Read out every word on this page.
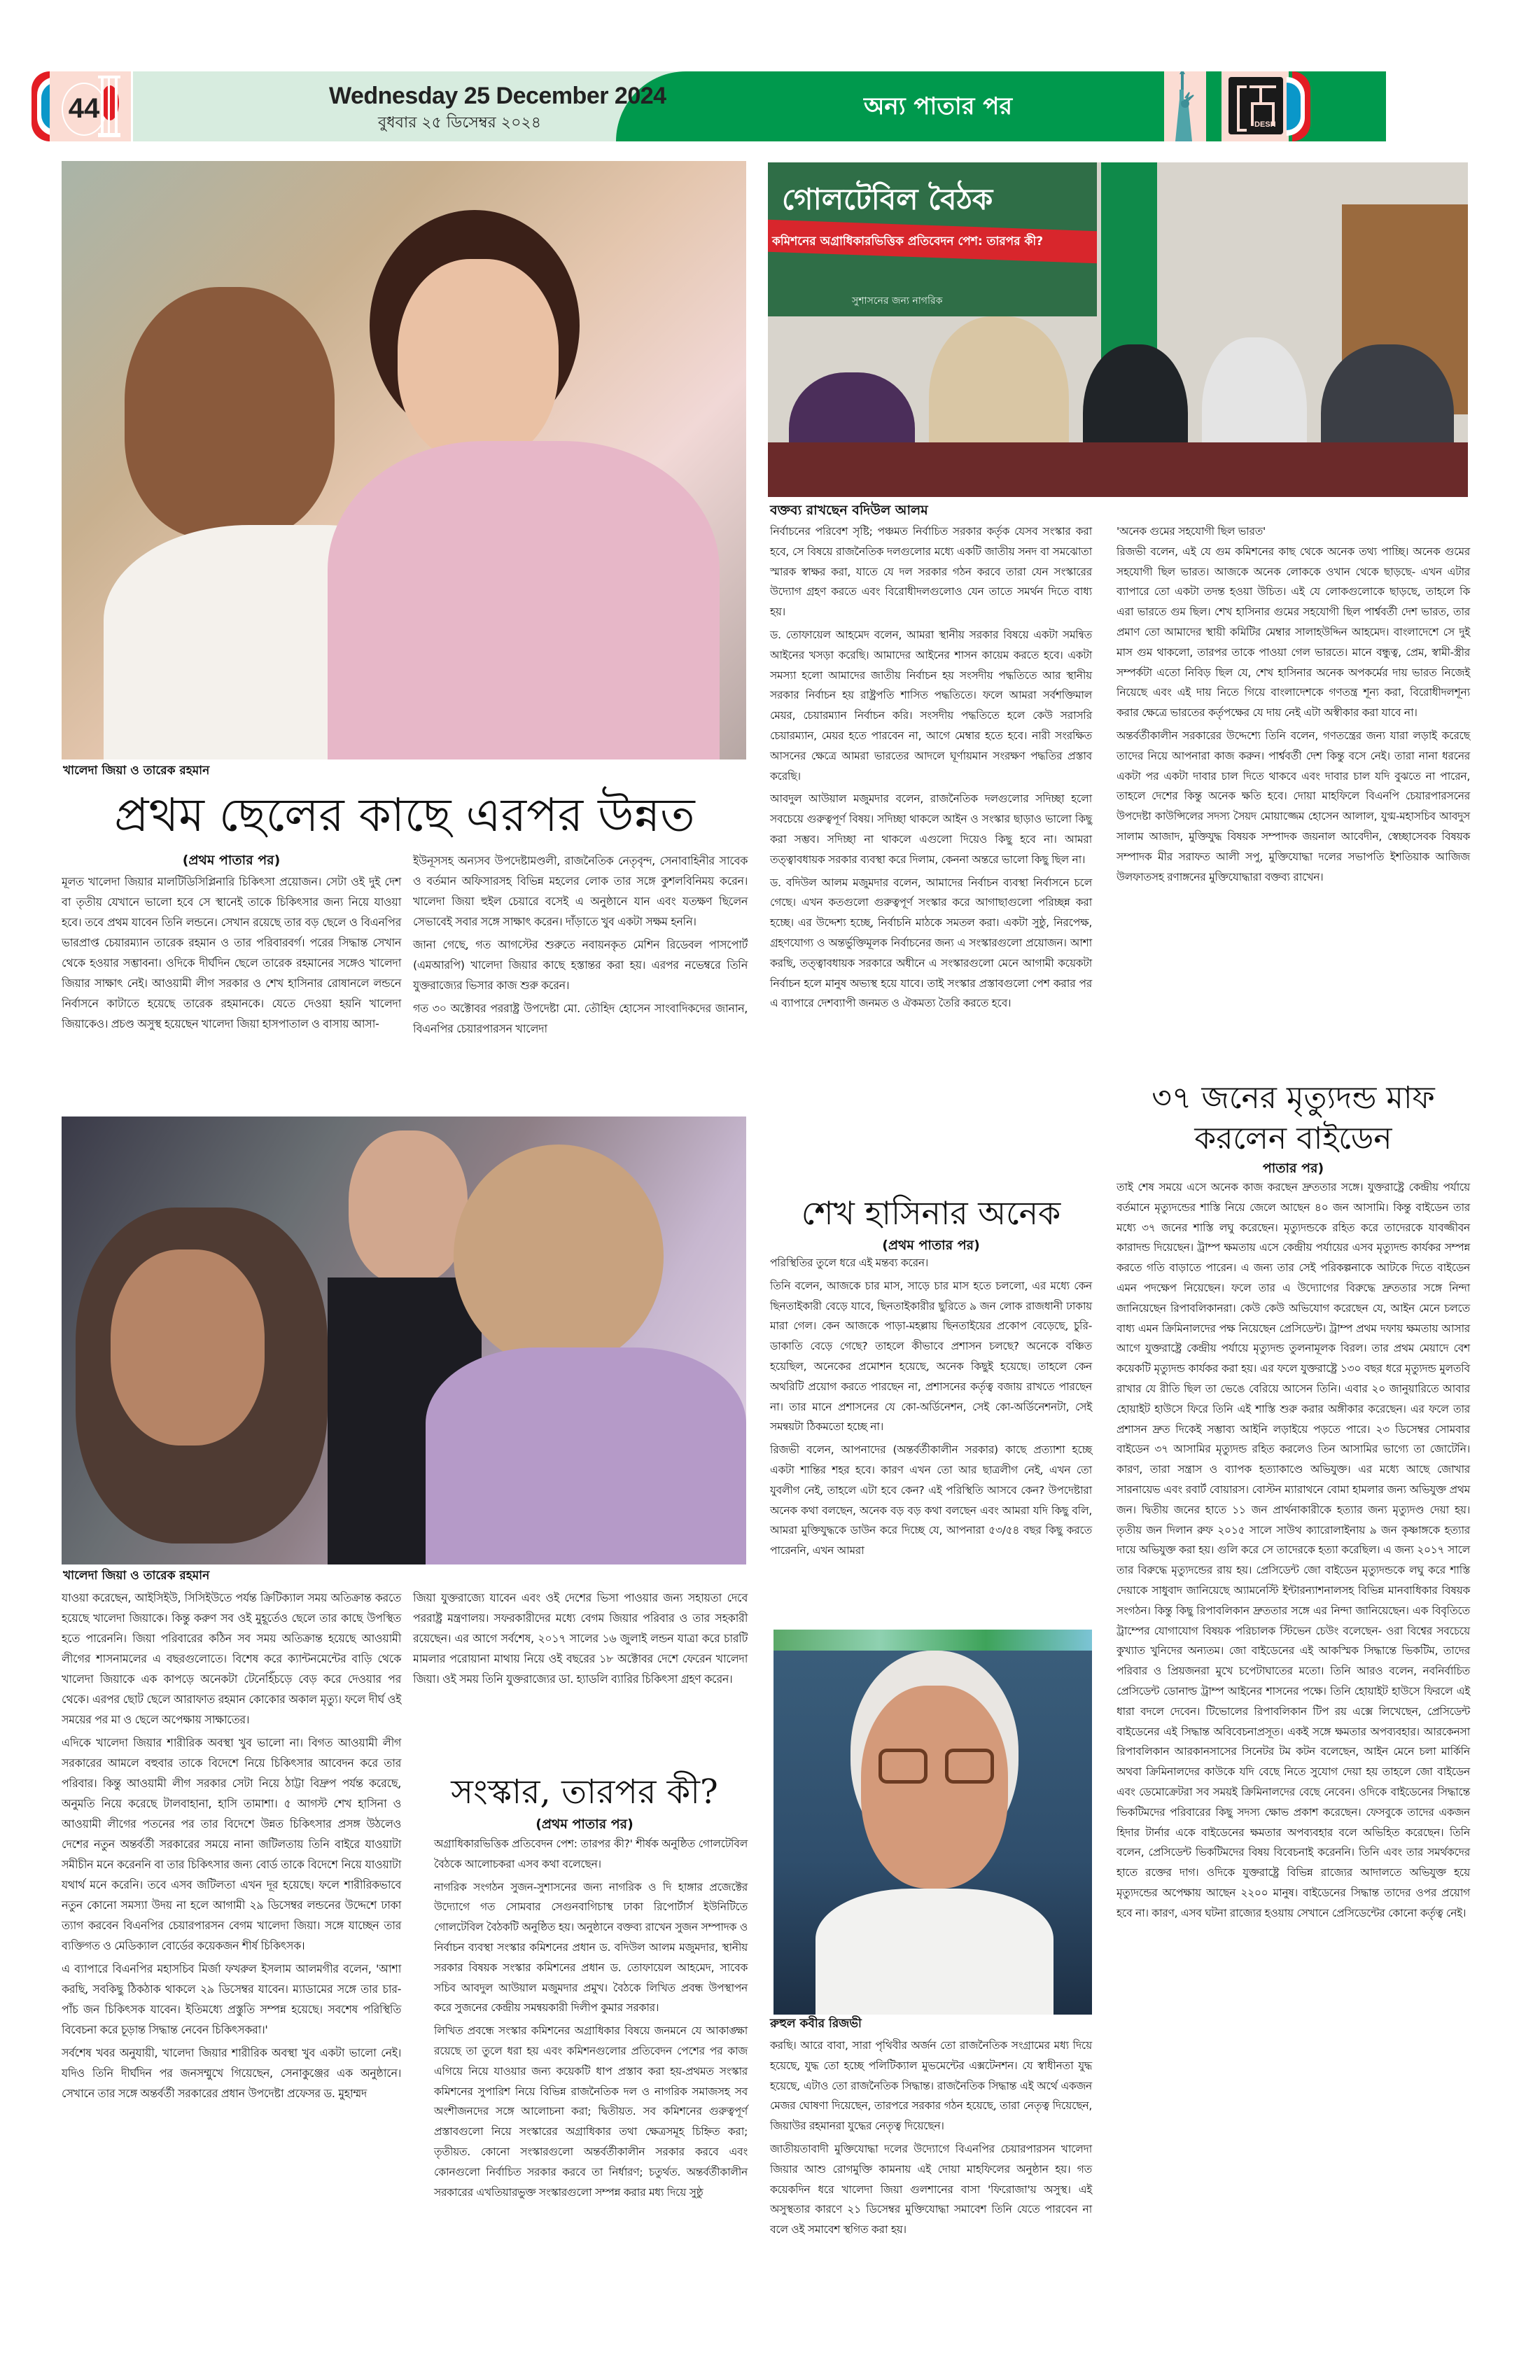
44	Wednesday 25 December 2024
বুধবার ২৫ ডিসেম্বর ২০২৪
অন্য পাতার পর
DESH
খালেদা জিয়া ও তারেক রহমান
প্রথম ছেলের কাছে এরপর উন্নত
(প্রথম পাতার পর)

মূলত খালেদা জিয়ার মালটিডিসিপ্লিনারি চিকিৎসা প্রয়োজন। সেটা ওই দুই দেশ বা তৃতীয় যেখানে ভালো হবে সে স্থানেই তাকে চিকিৎসার জন্য নিয়ে যাওয়া হবে। তবে প্রথম যাবেন তিনি লন্ডনে। সেখান রয়েছে তার বড় ছেলে ও বিএনপির ভারপ্রাপ্ত চেয়ারম্যান তারেক রহমান ও তার পরিবারবর্গ। পরের সিদ্ধান্ত সেখান থেকে হওয়ার সম্ভাবনা। ওদিকে দীর্ঘদিন ছেলে তারেক রহমানের সঙ্গেও খালেদা জিয়ার সাক্ষাৎ নেই। আওয়ামী লীগ সরকার ও শেখ হাসিনার রোষানলে লন্ডনে নির্বাসনে কাটাতে হয়েছে তারেক রহমানকে। যেতে দেওয়া হয়নি খালেদা জিয়াকেও। প্রচণ্ড অসুস্থ হয়েছেন খালেদা জিয়া হাসপাতাল ও বাসায় আসা-

ইউনূসসহ অন্যসব উপদেষ্টামণ্ডলী, রাজনৈতিক নেতৃবৃন্দ, সেনাবাহিনীর সাবেক ও বর্তমান অফিসারসহ বিভিন্ন মহলের লোক তার সঙ্গে কুশলবিনিময় করেন। খালেদা জিয়া হুইল চেয়ারে বসেই এ অনুষ্ঠানে যান এবং যতক্ষণ ছিলেন সেভাবেই সবার সঙ্গে সাক্ষাৎ করেন। দাঁড়াতে খুব একটা সক্ষম হননি।

জানা গেছে, গত আগস্টের শুরুতে নবায়নকৃত মেশিন রিডেবল পাসপোর্ট (এমআরপি) খালেদা জিয়ার কাছে হস্তান্তর করা হয়। এরপর নভেম্বরে তিনি যুক্তরাজ্যের ভিসার কাজ শুরু করেন।

গত ৩০ অক্টোবর পররাষ্ট্র উপদেষ্টা মো. তৌহিদ হোসেন সাংবাদিকদের জানান, বিএনপির চেয়ারপারসন খালেদা

খালেদা জিয়া ও তারেক রহমান

যাওয়া করেছেন, আইসিইউ, সিসিইউতে পর্যন্ত ক্রিটিক্যাল সময় অতিক্রান্ত করতে হয়েছে খালেদা জিয়াকে। কিন্তু করুণ সব ওই মুহূর্তেও ছেলে তার কাছে উপস্থিত হতে পারেননি। জিয়া পরিবারের কঠিন সব সময় অতিক্রান্ত হয়েছে আওয়ামী লীগের শাসনামলের এ বছরগুলোতে। বিশেষ করে ক্যান্টনমেন্টের বাড়ি থেকে খালেদা জিয়াকে এক কাপড়ে অনেকটা টেনেহিঁচড়ে বেড় করে দেওয়ার পর থেকে। এরপর ছোট ছেলে আরাফাত রহমান কোকোর অকাল মৃত্যু। ফলে দীর্ঘ ওই সময়ের পর মা ও ছেলে অপেক্ষায় সাক্ষাতের।

এদিকে খালেদা জিয়ার শারীরিক অবস্থা খুব ভালো না। বিগত আওয়ামী লীগ সরকারের আমলে বহুবার তাকে বিদেশে নিয়ে চিকিৎসার আবেদন করে তার পরিবার। কিন্তু আওয়ামী লীগ সরকার সেটা নিয়ে ঠাট্টা বিদ্রুপ পর্যন্ত করেছে, অনুমতি নিয়ে করেছে টালবাহানা, হাসি তামাশা। ৫ আগস্ট শেখ হাসিনা ও আওয়ামী লীগের পতনের পর তার বিদেশে উন্নত চিকিৎসার প্রসঙ্গ উঠলেও দেশের নতুন অন্তর্বর্তী সরকারের সময়ে নানা জটিলতায় তিনি বাইরে যাওয়াটা সমীচীন মনে করেননি বা তার চিকিৎসার জন্য বোর্ড তাকে বিদেশে নিয়ে যাওয়াটা যথার্থ মনে করেনি। তবে এসব জটিলতা এখন দূর হয়েছে। ফলে শারীরিকভাবে নতুন কোনো সমস্যা উদয় না হলে আগামী ২৯ ডিসেম্বর লন্ডনের উদ্দেশে ঢাকা ত্যাগ করবেন বিএনপির চেয়ারপারসন বেগম খালেদা জিয়া। সঙ্গে যাচ্ছেন তার ব্যক্তিগত ও মেডিক্যাল বোর্ডের কয়েকজন শীর্ষ চিকিৎসক।

এ ব্যাপারে বিএনপির মহাসচিব মির্জা ফখরুল ইসলাম আলমগীর বলেন, 'আশা করছি, সবকিছু ঠিকঠাক থাকলে ২৯ ডিসেম্বর যাবেন। ম্যাডামের সঙ্গে তার চার-পাঁচ জন চিকিৎসক যাবেন। ইতিমধ্যে প্রস্তুতি সম্পন্ন হয়েছে। সবশেষ পরিস্থিতি বিবেচনা করে চূড়ান্ত সিদ্ধান্ত নেবেন চিকিৎসকরা।'

সর্বশেষ খবর অনুযায়ী, খালেদা জিয়ার শারীরিক অবস্থা খুব একটা ভালো নেই। যদিও তিনি দীর্ঘদিন পর জনসম্মুখে গিয়েছেন, সেনাকুঞ্জের এক অনুষ্ঠানে। সেখানে তার সঙ্গে অন্তর্বর্তী সরকারের প্রধান উপদেষ্টা প্রফেসর ড. মুহাম্মদ

জিয়া যুক্তরাজ্যে যাবেন এবং ওই দেশের ভিসা পাওয়ার জন্য সহায়তা দেবে পররাষ্ট্র মন্ত্রণালয়। সফরকারীদের মধ্যে বেগম জিয়ার পরিবার ও তার সহকারী রয়েছেন। এর আগে সর্বশেষ, ২০১৭ সালের ১৬ জুলাই লন্ডন যাত্রা করে চারটি মামলার পরোয়ানা মাথায় নিয়ে ওই বছরের ১৮ অক্টোবর দেশে ফেরেন খালেদা জিয়া। ওই সময় তিনি যুক্তরাজ্যের ডা. হ্যাডলি ব্যারির চিকিৎসা গ্রহণ করেন।

সংস্কার, তারপর কী?
(প্রথম পাতার পর)

অগ্রাধিকারভিত্তিক প্রতিবেদন পেশ: তারপর কী?' শীর্ষক অনুষ্ঠিত গোলটেবিল বৈঠকে আলোচকরা এসব কথা বলেছেন।

নাগরিক সংগঠন সুজন-সুশাসনের জন্য নাগরিক ও দি হাঙ্গার প্রজেক্টের উদ্যোগে গত সোমবার সেগুনবাগিচাস্থ ঢাকা রিপোর্টার্স ইউনিটিতে গোলটেবিল বৈঠকটি অনুষ্ঠিত হয়। অনুষ্ঠানে বক্তব্য রাখেন সুজন সম্পাদক ও নির্বাচন ব্যবস্থা সংস্কার কমিশনের প্রধান ড. বদিউল আলম মজুমদার, স্থানীয় সরকার বিষয়ক সংস্কার কমিশনের প্রধান ড. তোফায়েল আহমেদ, সাবেক সচিব আবদুল আউয়াল মজুমদার প্রমুখ। বৈঠকে লিখিত প্রবন্ধ উপস্থাপন করে সুজনের কেন্দ্রীয় সমন্বয়কারী দিলীপ কুমার সরকার।

লিখিত প্রবন্ধে সংস্কার কমিশনের অগ্রাধিকার বিষয়ে জনমনে যে আকাঙ্ক্ষা রয়েছে তা তুলে ধরা হয় এবং কমিশনগুলোর প্রতিবেদন পেশের পর কাজ এগিয়ে নিয়ে যাওয়ার জন্য কয়েকটি ধাপ প্রস্তাব করা হয়-প্রথমত সংস্কার কমিশনের সুপারিশ নিয়ে বিভিন্ন রাজনৈতিক দল ও নাগরিক সমাজসহ সব অংশীজনদের সঙ্গে আলোচনা করা; দ্বিতীয়ত. সব কমিশনের গুরুত্বপূর্ণ প্রস্তাবগুলো নিয়ে সংস্কারের অগ্রাধিকার তথা ক্ষেত্রসমূহ চিহ্নিত করা; তৃতীয়ত. কোনো সংস্কারগুলো অন্তর্বর্তীকালীন সরকার করবে এবং কোনগুলো নির্বাচিত সরকার করবে তা নির্ধারণ; চতুর্থত. অন্তর্বর্তীকালীন সরকারের এখতিয়ারভুক্ত সংস্কারগুলো সম্পন্ন করার মধ্য দিয়ে সুষ্ঠু

গোলটেবিল বৈঠক
কমিশনের অগ্রাধিকারভিত্তিক প্রতিবেদন পেশ: তারপর কী?
সুশাসনের জন্য নাগরিক
বক্তব্য রাখছেন বদিউল আলম

নির্বাচনের পরিবেশ সৃষ্টি; পঞ্চমত নির্বাচিত সরকার কর্তৃক যেসব সংস্কার করা হবে, সে বিষয়ে রাজনৈতিক দলগুলোর মধ্যে একটি জাতীয় সনদ বা সমঝোতা স্মারক স্বাক্ষর করা, যাতে যে দল সরকার গঠন করবে তারা যেন সংস্কারের উদ্যোগ গ্রহণ করতে এবং বিরোধীদলগুলোও যেন তাতে সমর্থন দিতে বাধ্য হয়।

ড. তোফায়েল আহমেদ বলেন, আমরা স্থানীয় সরকার বিষয়ে একটা সমন্বিত আইনের খসড়া করেছি। আমাদের আইনের শাসন কায়েম করতে হবে। একটা সমস্যা হলো আমাদের জাতীয় নির্বাচন হয় সংসদীয় পদ্ধতিতে আর স্থানীয় সরকার নির্বাচন হয় রাষ্ট্রপতি শাসিত পদ্ধতিতে। ফলে আমরা সর্বশক্তিমাল মেয়র, চেয়ারম্যান নির্বাচন করি। সংসদীয় পদ্ধতিতে হলে কেউ সরাসরি চেয়ারম্যান, মেয়র হতে পারবেন না, আগে মেম্বার হতে হবে। নারী সংরক্ষিত আসনের ক্ষেত্রে আমরা ভারতের আদলে ঘূর্ণায়মান সংরক্ষণ পদ্ধতির প্রস্তাব করেছি।

আবদুল আউয়াল মজুমদার বলেন, রাজনৈতিক দলগুলোর সদিচ্ছা হলো সবচেয়ে গুরুত্বপূর্ণ বিষয়। সদিচ্ছা থাকলে আইন ও সংস্কার ছাড়াও ভালো কিছু করা সম্ভব। সদিচ্ছা না থাকলে এগুলো দিয়েও কিছু হবে না। আমরা তত্ত্বাবধায়ক সরকার ব্যবস্থা করে দিলাম, কেননা অন্তরে ভালো কিছু ছিল না।

ড. বদিউল আলম মজুমদার বলেন, আমাদের নির্বাচন ব্যবস্থা নির্বাসনে চলে গেছে। এখন কতগুলো গুরুত্বপূর্ণ সংস্কার করে আগাছাগুলো পরিচ্ছন্ন করা হচ্ছে। এর উদ্দেশ্য হচ্ছে, নির্বাচনি মাঠকে সমতল করা। একটা সুষ্ঠু, নিরপেক্ষ, গ্রহণযোগ্য ও অন্তর্ভুক্তিমূলক নির্বাচনের জন্য এ সংস্কারগুলো প্রয়োজন। আশা করছি, তত্ত্বাবধায়ক সরকারে অধীনে এ সংস্কারগুলো মেনে আগামী কয়েকটা নির্বাচন হলে মানুষ অভ্যস্থ হয়ে যাবে। তাই সংস্কার প্রস্তাবগুলো পেশ করার পর এ ব্যাপারে দেশব্যাপী জনমত ও ঐকমত্য তৈরি করতে হবে।

'অনেক গুমের সহযোগী ছিল ভারত'

রিজভী বলেন, এই যে গুম কমিশনের কাছ থেকে অনেক তথ্য পাচ্ছি। অনেক গুমের সহযোগী ছিল ভারত। আজকে অনেক লোককে ওখান থেকে ছাড়ছে- এখন এটার ব্যাপারে তো একটা তদন্ত হওয়া উচিত। এই যে লোকগুলোকে ছাড়ছে, তাহলে কি এরা ভারতে গুম ছিল। শেখ হাসিনার গুমের সহযোগী ছিল পার্শ্ববর্তী দেশ ভারত, তার প্রমাণ তো আমাদের স্থায়ী কমিটির মেম্বার সালাহউদ্দিন আহমেদ। বাংলাদেশে সে দুই মাস গুম থাকলো, তারপর তাকে পাওয়া গেল ভারতে। মানে বন্ধুত্ব, প্রেম, স্বামী-স্ত্রীর সম্পর্কটা এতো নিবিড় ছিল যে, শেখ হাসিনার অনেক অপকর্মের দায় ভারত নিজেই নিয়েছে এবং এই দায় নিতে গিয়ে বাংলাদেশকে গণতন্ত্র শূন্য করা, বিরোধীদলশূন্য করার ক্ষেত্রে ভারতের কর্তৃপক্ষের যে দায় নেই এটা অস্বীকার করা যাবে না।

অন্তর্বর্তীকালীন সরকারের উদ্দেশ্যে তিনি বলেন, গণতন্ত্রের জন্য যারা লড়াই করেছে তাদের নিয়ে আপনারা কাজ করুন। পার্শ্ববর্তী দেশ কিন্তু বসে নেই। তারা নানা ধরনের একটা পর একটা দাবার চাল দিতে থাকবে এবং দাবার চাল যদি বুঝতে না পারেন, তাহলে দেশের কিন্তু অনেক ক্ষতি হবে। দোয়া মাহফিলে বিএনপি চেয়ারপারসনের উপদেষ্টা কাউন্সিলের সদস্য সৈয়দ মোয়াজ্জেম হোসেন আলাল, যুগ্ম-মহাসচিব আবদুস সালাম আজাদ, মুক্তিযুদ্ধ বিষয়ক সম্পাদক জয়নাল আবেদীন, স্বেচ্ছাসেবক বিষয়ক সম্পাদক মীর সরাফত আলী সপু, মুক্তিযোদ্ধা দলের সভাপতি ইশতিয়াক আজিজ উলফাতসহ রণাঙ্গনের মুক্তিযোদ্ধারা বক্তব্য রাখেন।

শেখ হাসিনার অনেক
(প্রথম পাতার পর)

পরিস্থিতির তুলে ধরে এই মন্তব্য করেন।

তিনি বলেন, আজকে চার মাস, সাড়ে চার মাস হতে চললো, এর মধ্যে কেন ছিনতাইকারী বেড়ে যাবে, ছিনতাইকারীর ছুরিতে ৯ জন লোক রাজধানী ঢাকায় মারা গেল। কেন আজকে পাড়া-মহল্লায় ছিনতাইয়ের প্রকোপ বেড়েছে, চুরি-ডাকাতি বেড়ে গেছে? তাহলে কীভাবে প্রশাসন চলছে? অনেকে বঞ্চিত হয়েছিল, অনেকের প্রমোশন হয়েছে, অনেক কিছুই হয়েছে। তাহলে কেন অথরিটি প্রয়োগ করতে পারছেন না, প্রশাসনের কর্তৃত্ব বজায় রাখতে পারছেন না। তার মানে প্রশাসনের যে কো-অর্ডিনেশন, সেই কো-অর্ডিনেশনটা, সেই সমন্বয়টা ঠিকমতো হচ্ছে না।

রিজভী বলেন, আপনাদের (অন্তর্বর্তীকালীন সরকার) কাছে প্রত্যাশা হচ্ছে একটা শান্তির শহর হবে। কারণ এখন তো আর ছাত্রলীগ নেই, এখন তো যুবলীগ নেই, তাহলে এটা হবে কেন? এই পরিস্থিতি আসবে কেন? উপদেষ্টারা অনেক কথা বলছেন, অনেক বড় বড় কথা বলছেন এবং আমরা যদি কিছু বলি, আমরা মুক্তিযুদ্ধকে ডাউন করে দিচ্ছে যে, আপনারা ৫৩/৫৪ বছর কিছু করতে পারেননি, এখন আমরা

রুহুল কবীর রিজভী

করছি। আরে বাবা, সারা পৃথিবীর অর্জন তো রাজনৈতিক সংগ্রামের মধ্য দিয়ে হয়েছে, যুদ্ধ তো হচ্ছে পলিটিক্যাল মুভমেন্টের এক্সটেনশন। যে স্বাধীনতা যুদ্ধ হয়েছে, এটাও তো রাজনৈতিক সিদ্ধান্ত। রাজনৈতিক সিদ্ধান্ত এই অর্থে একজন মেজর ঘোষণা দিয়েছেন, তারপরে সরকার গঠন হয়েছে, তারা নেতৃত্ব দিয়েছেন, জিয়াউর রহমানরা যুদ্ধের নেতৃত্ব দিয়েছেন।

জাতীয়তাবাদী মুক্তিযোদ্ধা দলের উদ্যোগে বিএনপির চেয়ারপারসন খালেদা জিয়ার আশু রোগমুক্তি কামনায় এই দোয়া মাহফিলের অনুষ্ঠান হয়। গত কয়েকদিন ধরে খালেদা জিয়া গুলশানের বাসা 'ফিরোজা'য় অসুস্থ। এই অসুস্থতার কারণে ২১ ডিসেম্বর মুক্তিযোদ্ধা সমাবেশ তিনি যেতে পারবেন না বলে ওই সমাবেশ স্থগিত করা হয়।

৩৭ জনের মৃত্যুদন্ড মাফ
করলেন বাইডেন
পাতার পর)

তাই শেষ সময়ে এসে অনেক কাজ করছেন দ্রুততার সঙ্গে। যুক্তরাষ্ট্রে কেন্দ্রীয় পর্যায়ে বর্তমানে মৃত্যুদন্ডের শাস্তি নিয়ে জেলে আছেন ৪০ জন আসামি। কিন্তু বাইডেন তার মধ্যে ৩৭ জনের শাস্তি লঘু করেছেন। মৃত্যুদন্ডকে রহিত করে তাদেরকে যাবজ্জীবন কারাদন্ড দিয়েছেন। ট্রাম্প ক্ষমতায় এসে কেন্দ্রীয় পর্যায়ের এসব মৃত্যুদন্ড কার্যকর সম্পন্ন করতে গতি বাড়াতে পারেন। এ জন্য তার সেই পরিকল্পনাকে আটকে দিতে বাইডেন এমন পদক্ষেপ নিয়েছেন। ফলে তার এ উদ্যোগের বিরুদ্ধে দ্রুততার সঙ্গে নিন্দা জানিয়েছেন রিপাবলিকানরা। কেউ কেউ অভিযোগ করেছেন যে, আইন মেনে চলতে বাধ্য এমন ক্রিমিনালদের পক্ষ নিয়েছেন প্রেসিডেন্ট। ট্রাম্প প্রথম দফায় ক্ষমতায় আসার আগে যুক্তরাষ্ট্রে কেন্দ্রীয় পর্যায়ে মৃত্যুদন্ড তুলনামূলক বিরল। তার প্রথম মেয়াদে বেশ কয়েকটি মৃত্যুদন্ড কার্যকর করা হয়। এর ফলে যুক্তরাষ্ট্রে ১৩০ বছর ধরে মৃত্যুদন্ড মুলতবি রাখার যে রীতি ছিল তা ভেঙে বেরিয়ে আসেন তিনি। এবার ২০ জানুয়ারিতে আবার হোয়াইট হাউসে ফিরে তিনি এই শাস্তি শুরু করার অঙ্গীকার করেছেন। এর ফলে তার প্রশাসন দ্রুত দিকেই সম্ভাব্য আইনি লড়াইয়ে পড়তে পারে। ২৩ ডিসেম্বর সোমবার বাইডেন ৩৭ আসামির মৃত্যুদন্ড রহিত করলেও তিন আসামির ভাগ্যে তা জোটেনি। কারণ, তারা সন্ত্রাস ও ব্যাপক হত্যাকাণ্ডে অভিযুক্ত। এর মধ্যে আছে জোখার সারনায়েভ এবং রবার্ট বোয়ারস। বোস্টন ম্যারাথনে বোমা হামলার জন্য অভিযুক্ত প্রথম জন। দ্বিতীয় জনের হাতে ১১ জন প্রার্থনাকারীকে হত্যার জন্য মৃত্যুদণ্ড দেয়া হয়। তৃতীয় জন দিলান রুফ ২০১৫ সালে সাউথ ক্যারোলাইনায় ৯ জন কৃষ্ণাঙ্গকে হত্যার দায়ে অভিযুক্ত করা হয়। গুলি করে সে তাদেরকে হত্যা করেছিল। এ জন্য ২০১৭ সালে তার বিরুদ্ধে মৃত্যুদন্ডের রায় হয়। প্রেসিডেন্ট জো বাইডেন মৃত্যুদন্ডকে লঘু করে শাস্তি দেয়াকে সাধুবাদ জানিয়েছে অ্যামনেস্টি ইন্টারন্যাশনালসহ বিভিন্ন মানবাধিকার বিষয়ক সংগঠন। কিন্তু কিছু রিপাবলিকান দ্রুততার সঙ্গে এর নিন্দা জানিয়েছেন। এক বিবৃতিতে ট্রাম্পের যোগাযোগ বিষয়ক পরিচালক স্টিভেন চেউং বলেছেন- ওরা বিশ্বের সবচেয়ে কুখ্যাত খুনিদের অন্যতম। জো বাইডেনের এই আকস্মিক সিদ্ধান্তে ভিকটিম, তাদের পরিবার ও প্রিয়জনরা মুখে চপেটাঘাতের মতো। তিনি আরও বলেন, নবনির্বাচিত প্রেসিডেন্ট ডোনাল্ড ট্রাম্প আইনের শাসনের পক্ষে। তিনি হোয়াইট হাউসে ফিরলে এই ধারা বদলে দেবেন। টিভোলের রিপাবলিকান টিপ রয় এক্সে লিখেছেন, প্রেসিডেন্ট বাইডেনের এই সিদ্ধান্ত অবিবেচনাপ্রসূত। একই সঙ্গে ক্ষমতার অপব্যবহার। আরকেনসা রিপাবলিকান আরকানসাসের সিনেটর টম কটন বলেছেন, আইন মেনে চলা মার্কিনি অথবা ক্রিমিনালদের কাউকে যদি বেছে নিতে সুযোগ দেয়া হয় তাহলে জো বাইডেন এবং ডেমোক্রেটরা সব সময়ই ক্রিমিনালদের বেছে নেবেন। ওদিকে বাইডেনের সিদ্ধান্তে ভিকটিমদের পরিবারের কিছু সদস্য ক্ষোভ প্রকাশ করেছেন। ফেসবুকে তাদের একজন হিদার টার্নার একে বাইডেনের ক্ষমতার অপব্যবহার বলে অভিহিত করেছেন। তিনি বলেন, প্রেসিডেন্ট ভিকটিমদের বিষয় বিবেচনাই করেননি। তিনি এবং তার সমর্থকদের হাতে রক্তের দাগ। ওদিকে যুক্তরাষ্ট্রে বিভিন্ন রাজ্যের আদালতে অভিযুক্ত হয়ে মৃত্যুদন্ডের অপেক্ষায় আছেন ২২০০ মানুষ। বাইডেনের সিদ্ধান্ত তাদের ওপর প্রয়োগ হবে না। কারণ, এসব ঘটনা রাজ্যের হওয়ায় সেখানে প্রেসিডেন্টের কোনো কর্তৃত্ব নেই।
